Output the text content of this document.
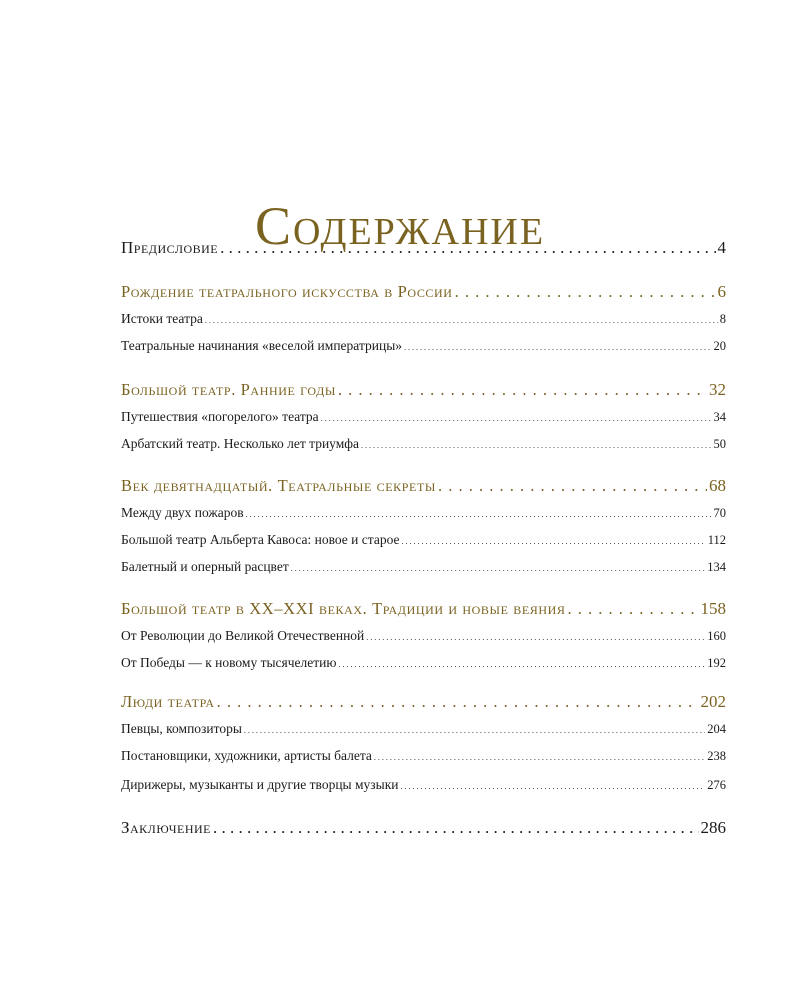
Содержание
Предисловие . . .	4
Рождение театрального искусства в России . . .	6
Истоки театра . . .	8
Театральные начинания «веселой императрицы» . . .	20
Большой театр. Ранние годы . . .	32
Путешествия «погорелого» театра . . .	34
Арбатский театр. Несколько лет триумфа . . .	50
Век девятнадцатый. Театральные секреты . . .	68
Между двух пожаров . . .	70
Большой театр Альберта Кавоса: новое и старое . . .	112
Балетный и оперный расцвет . . .	134
Большой театр в XX–XXI веках. Традиции и новые веяния . . .	158
От Революции до Великой Отечественной . . .	160
От Победы — к новому тысячелетию . . .	192
Люди театра . . .	202
Певцы, композиторы . . .	204
Постановщики, художники, артисты балета . . .	238
Дирижеры, музыканты и другие творцы музыки . . .	276
Заключение . . .	286
